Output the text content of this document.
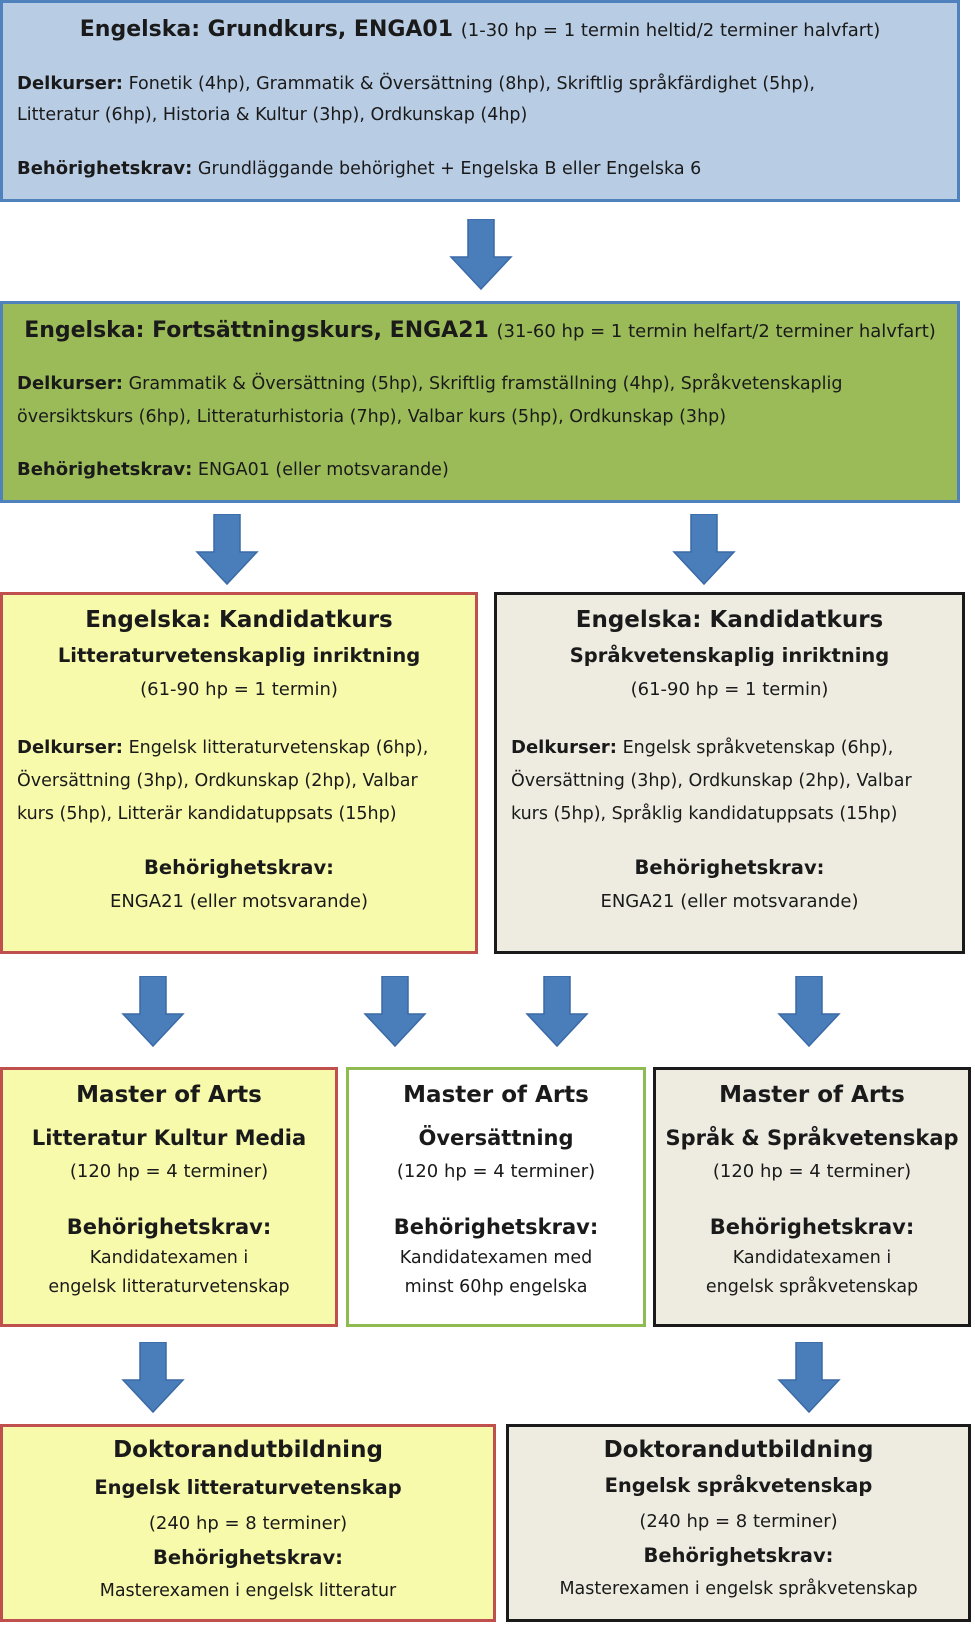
Engelska: Grundkurs, ENGA01 (1-30 hp = 1 termin heltid/2 terminer halvfart)
Delkurser: Fonetik (4hp), Grammatik & Översättning (8hp), Skriftlig språkfärdighet (5hp),
Litteratur (6hp), Historia & Kultur (3hp), Ordkunskap (4hp)
Behörighetskrav: Grundläggande behörighet + Engelska B eller Engelska 6
Engelska: Fortsättningskurs, ENGA21 (31-60 hp = 1 termin helfart/2 terminer halvfart)
Delkurser: Grammatik & Översättning (5hp), Skriftlig framställning (4hp), Språkvetenskaplig
översiktskurs (6hp), Litteraturhistoria (7hp), Valbar kurs (5hp), Ordkunskap (3hp)
Behörighetskrav: ENGA01 (eller motsvarande)
Engelska: Kandidatkurs
Litteraturvetenskaplig inriktning
(61-90 hp = 1 termin)
Delkurser: Engelsk litteraturvetenskap (6hp),
Översättning (3hp), Ordkunskap (2hp), Valbar
kurs (5hp), Litterär kandidatuppsats (15hp)
Behörighetskrav:
ENGA21 (eller motsvarande)
Engelska: Kandidatkurs
Språkvetenskaplig inriktning
(61-90 hp = 1 termin)
Delkurser: Engelsk språkvetenskap (6hp),
Översättning (3hp), Ordkunskap (2hp), Valbar
kurs (5hp), Språklig kandidatuppsats (15hp)
Behörighetskrav:
ENGA21 (eller motsvarande)
Master of Arts
Litteratur Kultur Media
(120 hp = 4 terminer)
Behörighetskrav:
Kandidatexamen i
engelsk litteraturvetenskap
Master of Arts
Översättning
(120 hp = 4 terminer)
Behörighetskrav:
Kandidatexamen med
minst 60hp engelska
Master of Arts
Språk & Språkvetenskap
(120 hp = 4 terminer)
Behörighetskrav:
Kandidatexamen i
engelsk språkvetenskap
Doktorandutbildning
Engelsk litteraturvetenskap
(240 hp = 8 terminer)
Behörighetskrav:
Masterexamen i engelsk litteratur
Doktorandutbildning
Engelsk språkvetenskap
(240 hp = 8 terminer)
Behörighetskrav:
Masterexamen i engelsk språkvetenskap
